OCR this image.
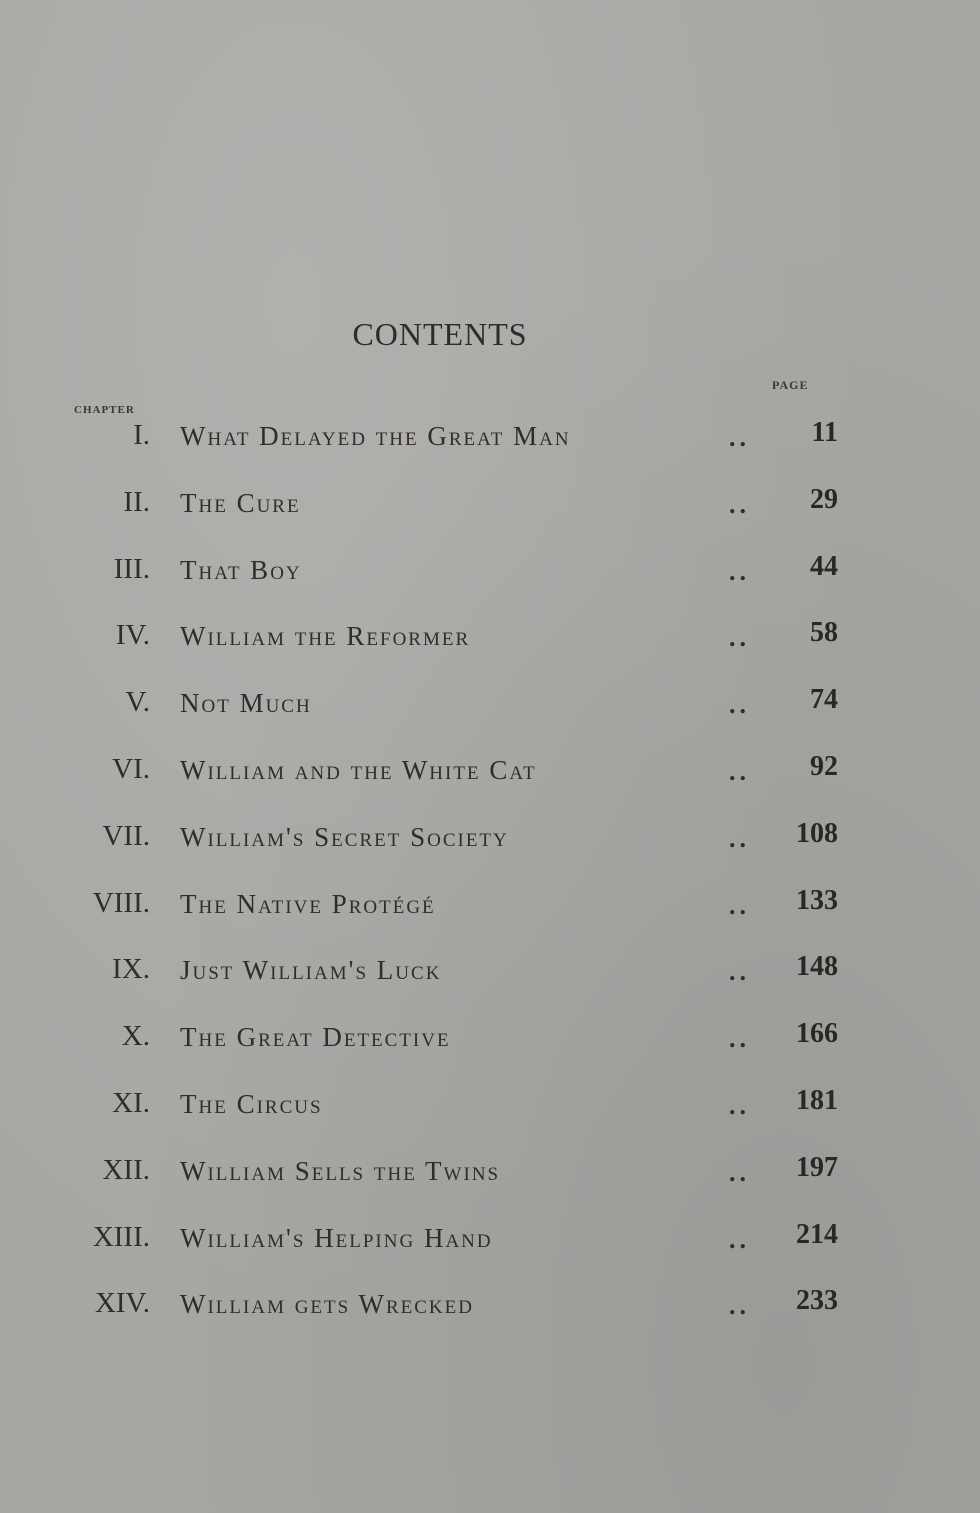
CONTENTS
PAGE
CHAPTER
I. What Delayed the Great Man	..	11
II. The Cure	..	29
III. That Boy	..	44
IV. William the Reformer	..	58
V. Not Much	..	74
VI. William and the White Cat	..	92
VII. William's Secret Society	..	108
VIII. The Native Protégé	..	133
IX. Just William's Luck	..	148
X. The Great Detective	..	166
XI. The Circus	..	181
XII. William Sells the Twins	..	197
XIII. William's Helping Hand	..	214
XIV. William gets Wrecked	..	233
